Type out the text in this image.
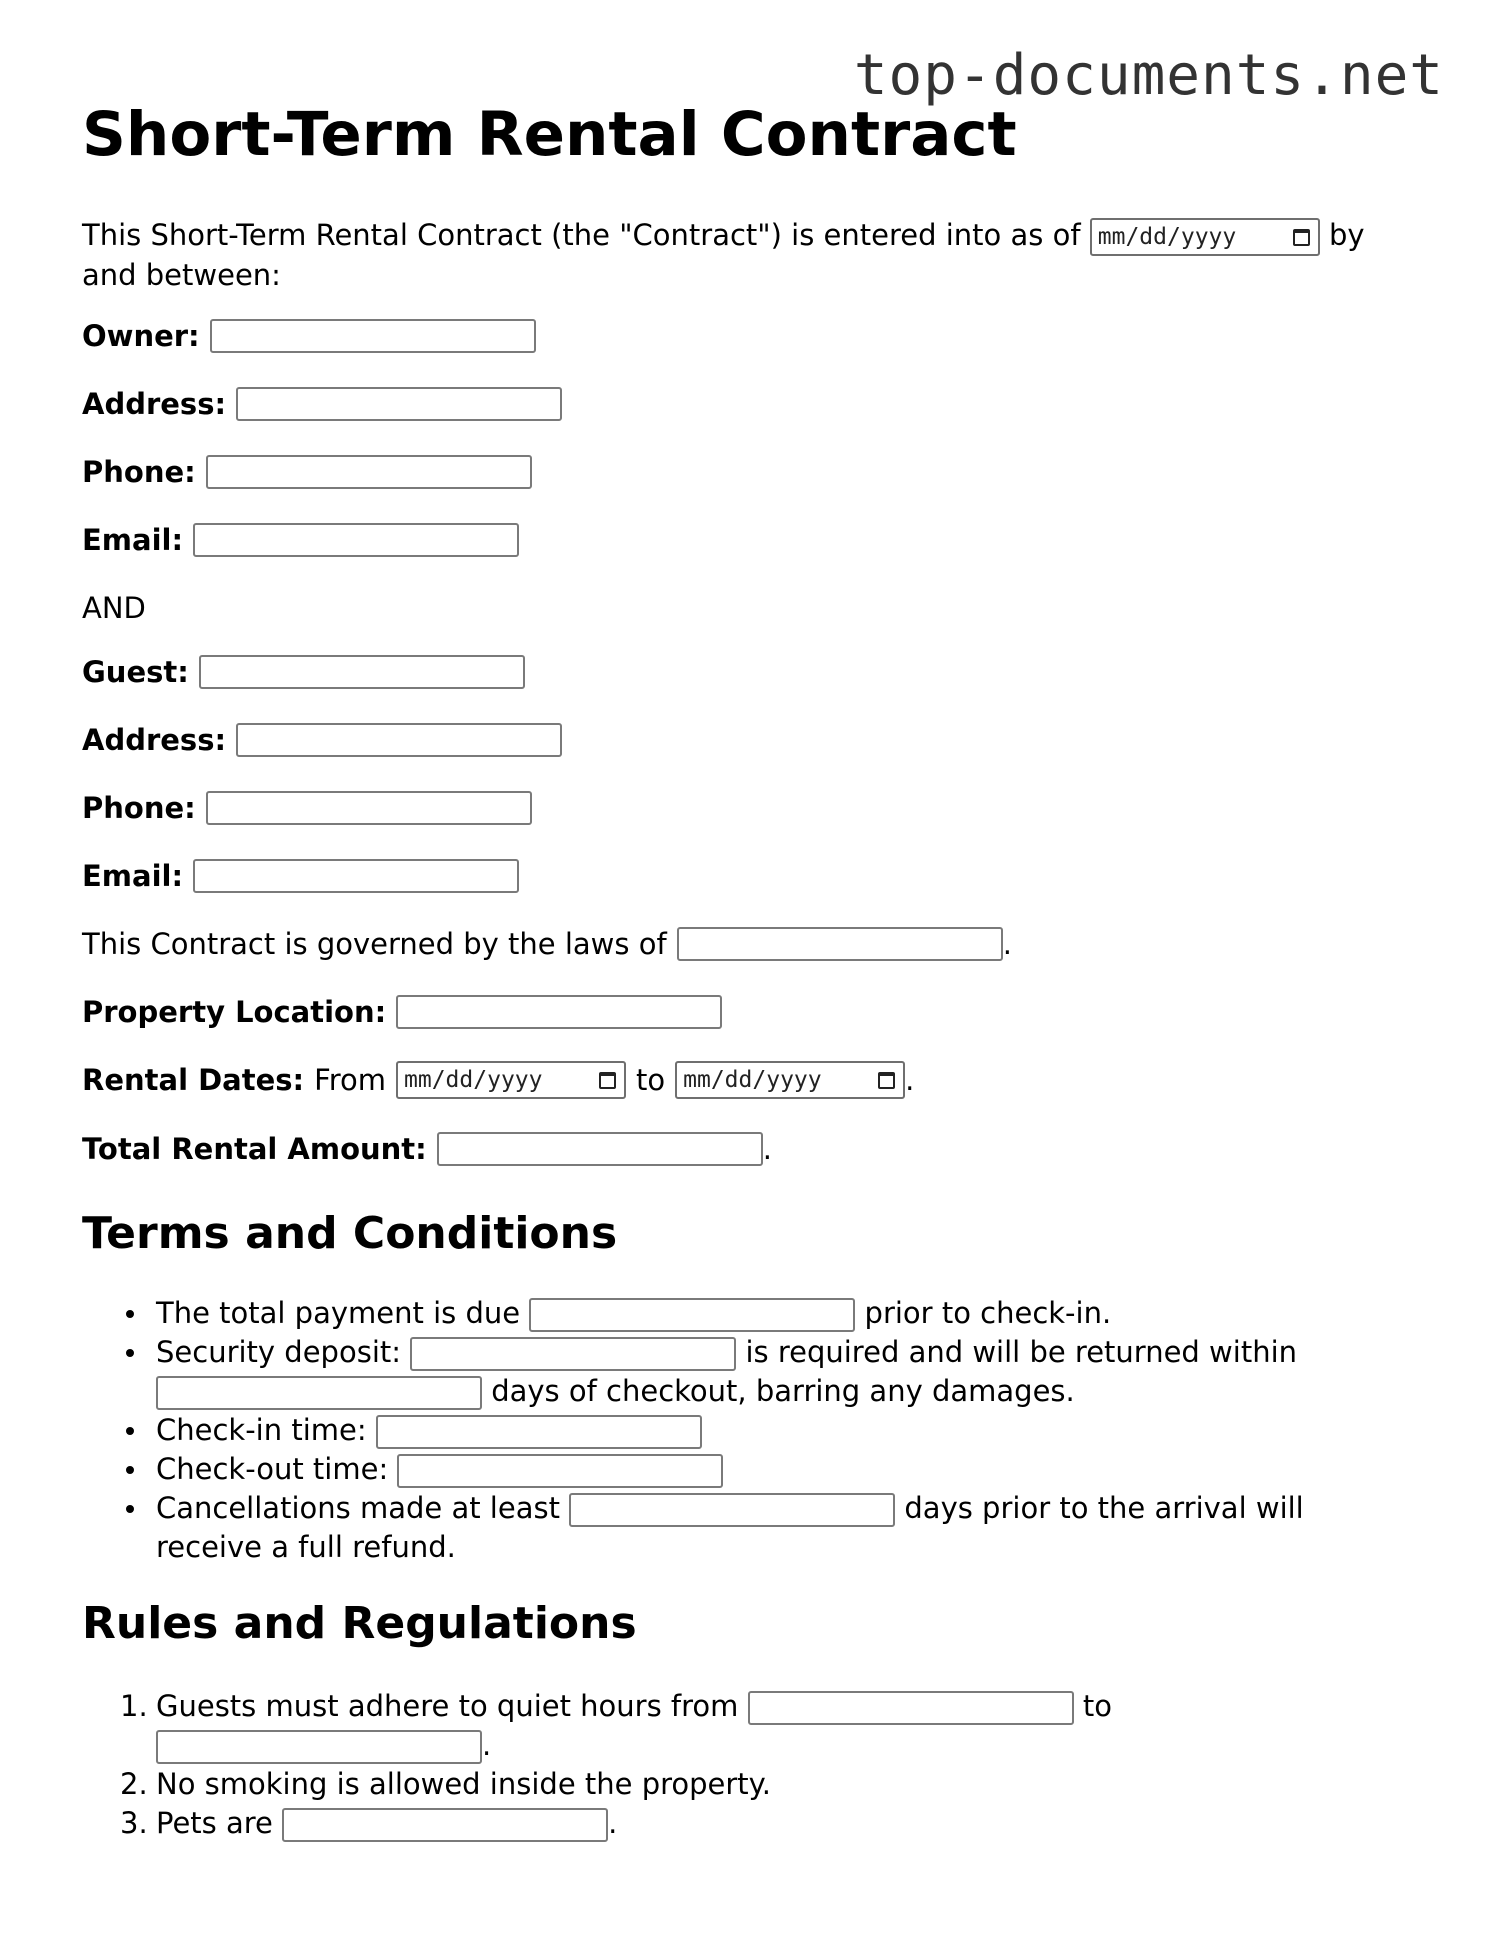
top-documents.net
Short-Term Rental Contract
This Short-Term Rental Contract (the "Contract") is entered into as of mm/dd/yyyy	by
and between:
Owner:
Address:
Phone:
Email:
AND
Guest:
Address:
Phone:
Email:
This Contract is governed by the laws of	.
Property Location:
Rental Dates: From mm/dd/yyyy	to mm/dd/yyyy	.
Total Rental Amount:	.
Terms and Conditions
The total payment is due	prior to check-in.
Security deposit:	is required and will be returned within
days of checkout, barring any damages.
Check-in time:
Check-out time:
Cancellations made at least	days prior to the arrival will
receive a full refund.
Rules and Regulations
1. Guests must adhere to quiet hours from	to
.
2. No smoking is allowed inside the property.
3. Pets are	.
